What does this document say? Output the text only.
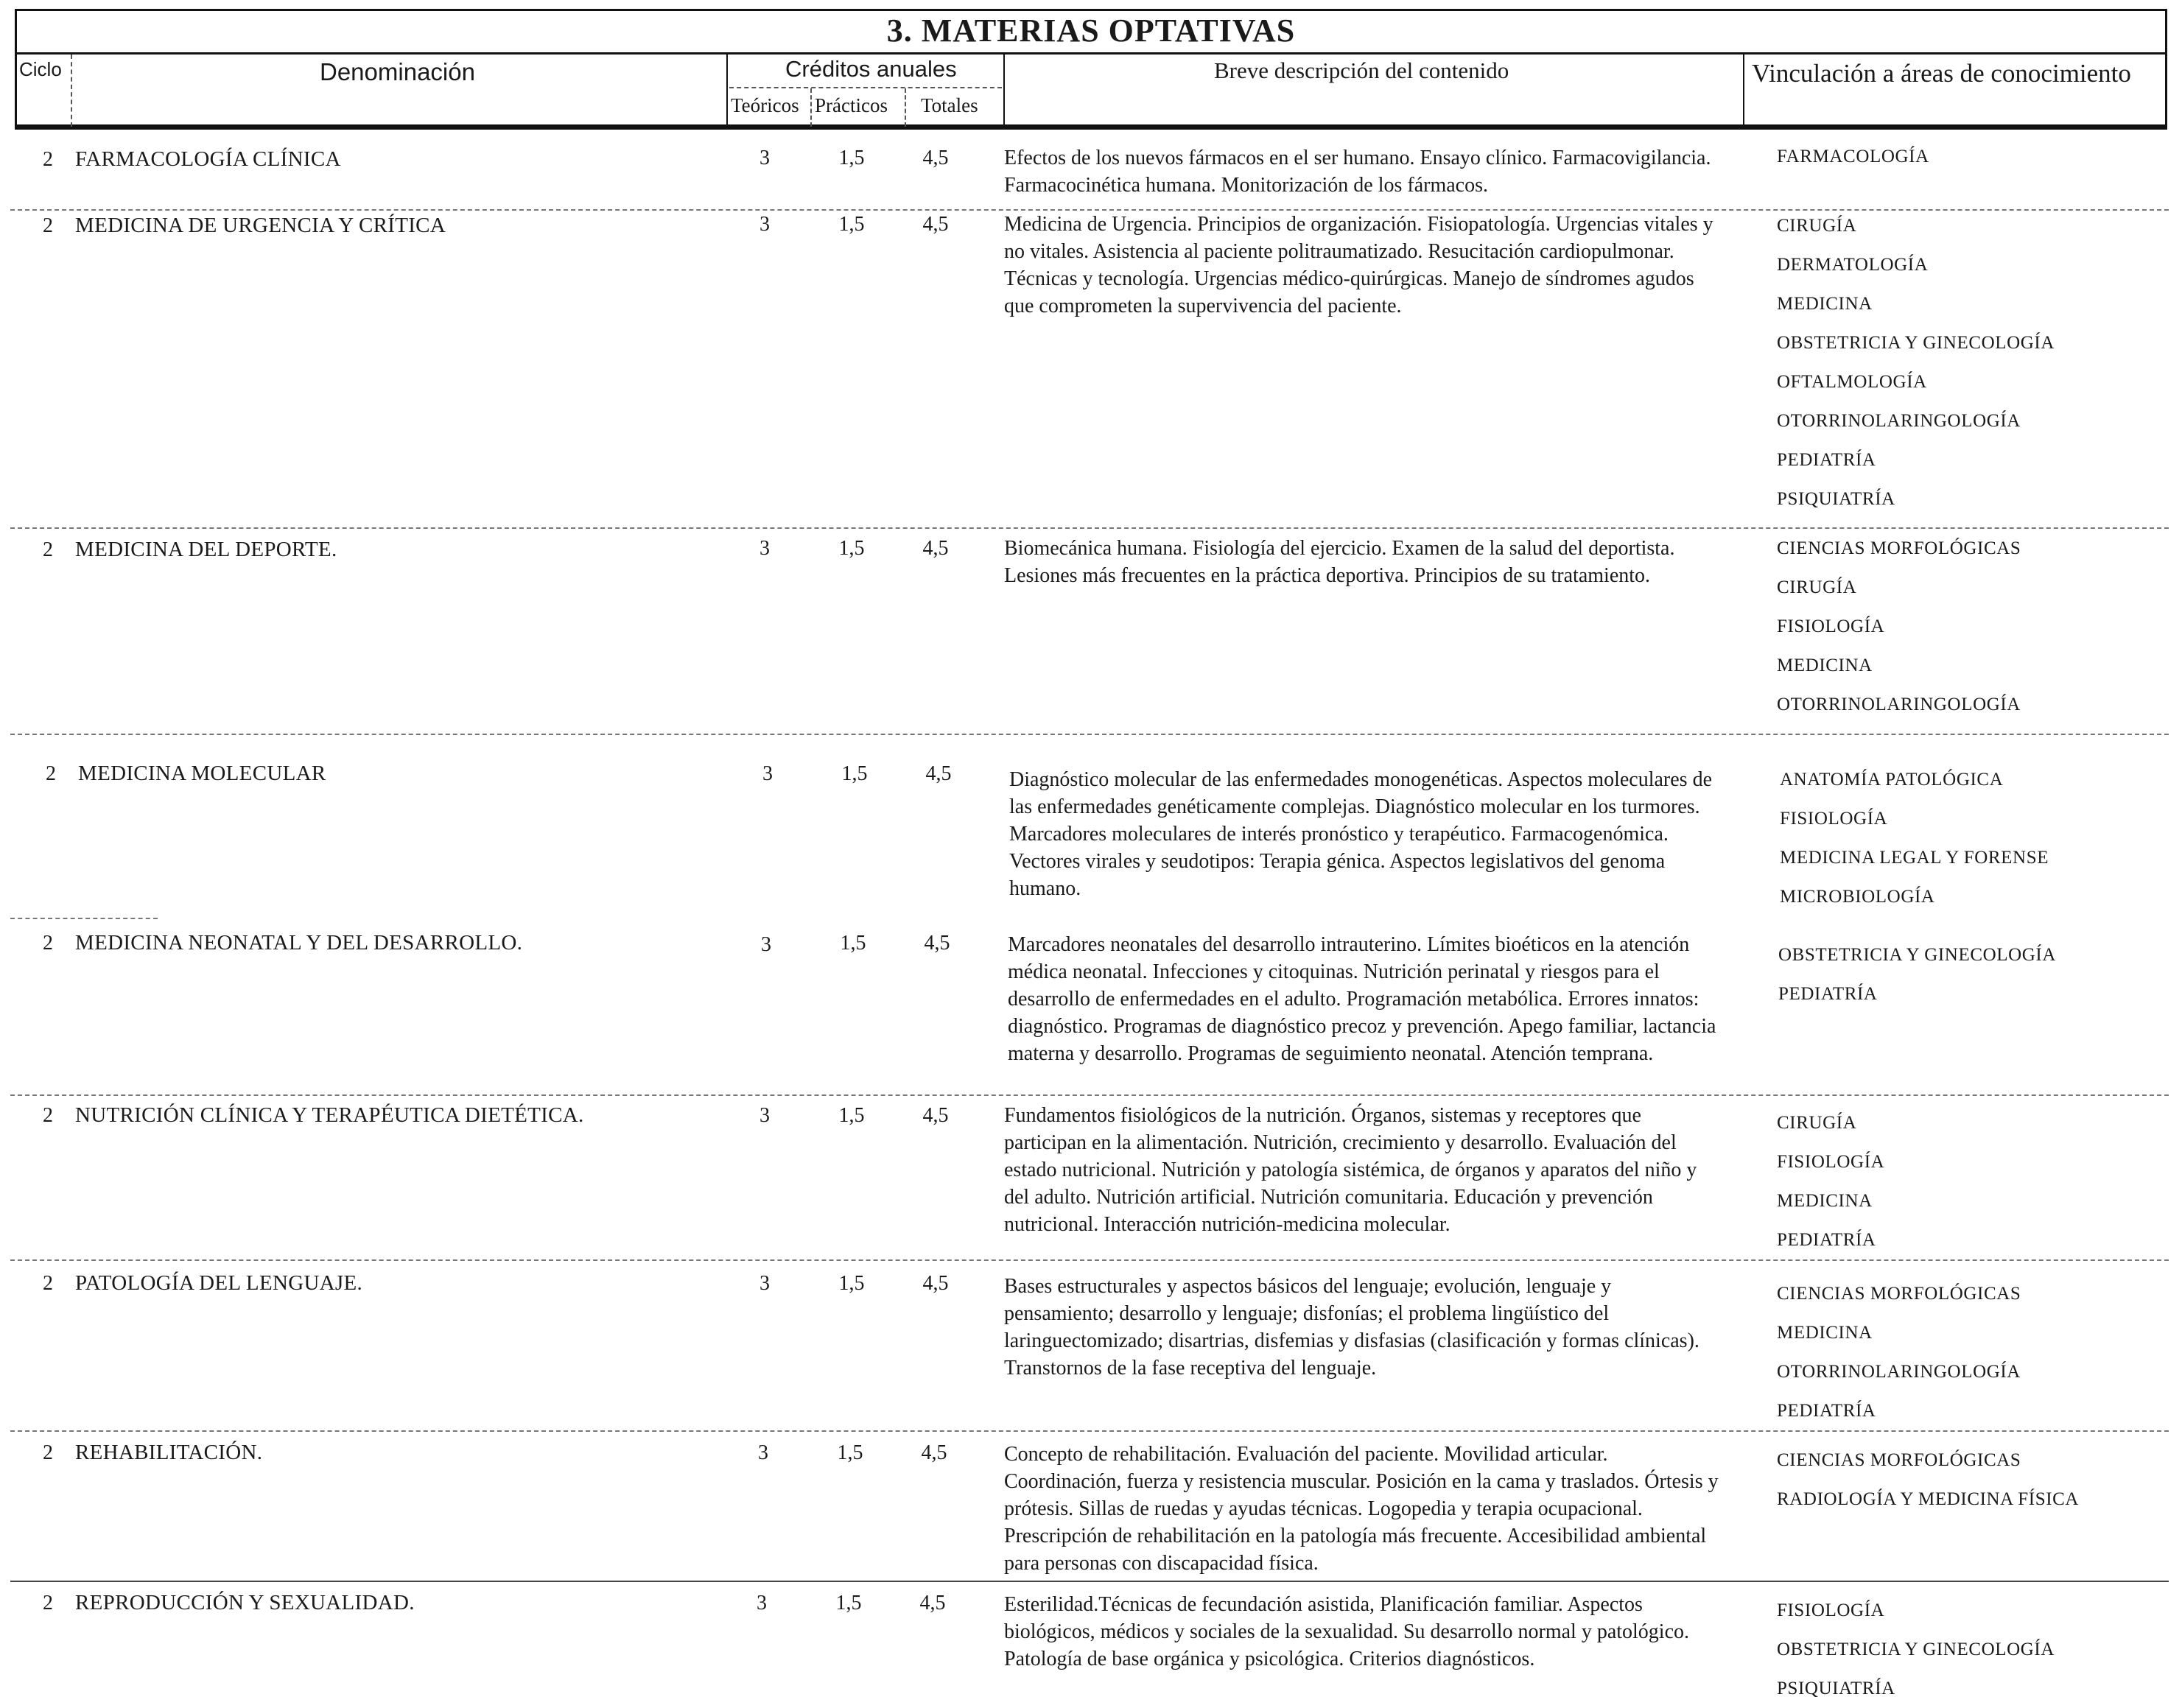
3. MATERIAS OPTATIVAS
Ciclo	Denominación	Créditos anuales
Teóricos Prácticos Totales
Breve descripción del contenido	Vinculación a áreas de conocimiento
2 FARMACOLOGÍA CLÍNICA	3	1,5	4,5	Efectos de los nuevos fármacos en el ser humano. Ensayo clínico. Farmacovigilancia. Farmacocinética humana. Monitorización de los fármacos.
FARMACOLOGÍA
2 MEDICINA DE URGENCIA Y CRÍTICA	3	1,5	4,5	Medicina de Urgencia. Principios de organización. Fisiopatología. Urgencias vitales y no vitales. Asistencia al paciente politraumatizado. Resucitación cardiopulmonar. Técnicas y tecnología. Urgencias médico-quirúrgicas. Manejo de síndromes agudos que comprometen la supervivencia del paciente.
CIRUGÍA
DERMATOLOGÍA
MEDICINA
OBSTETRICIA Y GINECOLOGÍA
OFTALMOLOGÍA
OTORRINOLARINGOLOGÍA
PEDIATRÍA
PSIQUIATRÍA
2 MEDICINA DEL DEPORTE.	3	1,5	4,5	Biomecánica humana. Fisiología del ejercicio. Examen de la salud del deportista. Lesiones más frecuentes en la práctica deportiva. Principios de su tratamiento.
CIENCIAS MORFOLÓGICAS
CIRUGÍA
FISIOLOGÍA
MEDICINA
OTORRINOLARINGOLOGÍA
2 MEDICINA MOLECULAR	3	1,5	4,5	Diagnóstico molecular de las enfermedades monogenéticas. Aspectos moleculares de las enfermedades genéticamente complejas. Diagnóstico molecular en los turmores. Marcadores moleculares de interés pronóstico y terapéutico. Farmacogenómica. Vectores virales y seudotipos: Terapia génica. Aspectos legislativos del genoma humano.
ANATOMÍA PATOLÓGICA
FISIOLOGÍA
MEDICINA LEGAL Y FORENSE
MICROBIOLOGÍA
2 MEDICINA NEONATAL Y DEL DESARROLLO.	3	1,5	4,5	Marcadores neonatales del desarrollo intrauterino. Límites bioéticos en la atención médica neonatal. Infecciones y citoquinas. Nutrición perinatal y riesgos para el desarrollo de enfermedades en el adulto. Programación metabólica. Errores innatos: diagnóstico. Programas de diagnóstico precoz y prevención. Apego familiar, lactancia materna y desarrollo. Programas de seguimiento neonatal. Atención temprana.
OBSTETRICIA Y GINECOLOGÍA
PEDIATRÍA
2 NUTRICIÓN CLÍNICA Y TERAPÉUTICA DIETÉTICA.	3	1,5	4,5	Fundamentos fisiológicos de la nutrición. Órganos, sistemas y receptores que participan en la alimentación. Nutrición, crecimiento y desarrollo. Evaluación del estado nutricional. Nutrición y patología sistémica, de órganos y aparatos del niño y del adulto. Nutrición artificial. Nutrición comunitaria. Educación y prevención nutricional. Interacción nutrición-medicina molecular.
CIRUGÍA
FISIOLOGÍA
MEDICINA
PEDIATRÍA
2 PATOLOGÍA DEL LENGUAJE.	3	1,5	4,5	Bases estructurales y aspectos básicos del lenguaje; evolución, lenguaje y pensamiento; desarrollo y lenguaje; disfonías; el problema lingüístico del laringuectomizado; disartrias, disfemias y disfasias (clasificación y formas clínicas). Transtornos de la fase receptiva del lenguaje.
CIENCIAS MORFOLÓGICAS
MEDICINA
OTORRINOLARINGOLOGÍA
PEDIATRÍA
2 REHABILITACIÓN.	3	1,5	4,5	Concepto de rehabilitación. Evaluación del paciente. Movilidad articular. Coordinación, fuerza y resistencia muscular. Posición en la cama y traslados. Órtesis y prótesis. Sillas de ruedas y ayudas técnicas. Logopedia y terapia ocupacional. Prescripción de rehabilitación en la patología más frecuente. Accesibilidad ambiental para personas con discapacidad física.
CIENCIAS MORFOLÓGICAS
RADIOLOGÍA Y MEDICINA FÍSICA
2 REPRODUCCIÓN Y SEXUALIDAD.	3	1,5	4,5	Esterilidad.Técnicas de fecundación asistida, Planificación familiar. Aspectos biológicos, médicos y sociales de la sexualidad. Su desarrollo normal y patológico. Patología de base orgánica y psicológica. Criterios diagnósticos.
FISIOLOGÍA
OBSTETRICIA Y GINECOLOGÍA
PSIQUIATRÍA
